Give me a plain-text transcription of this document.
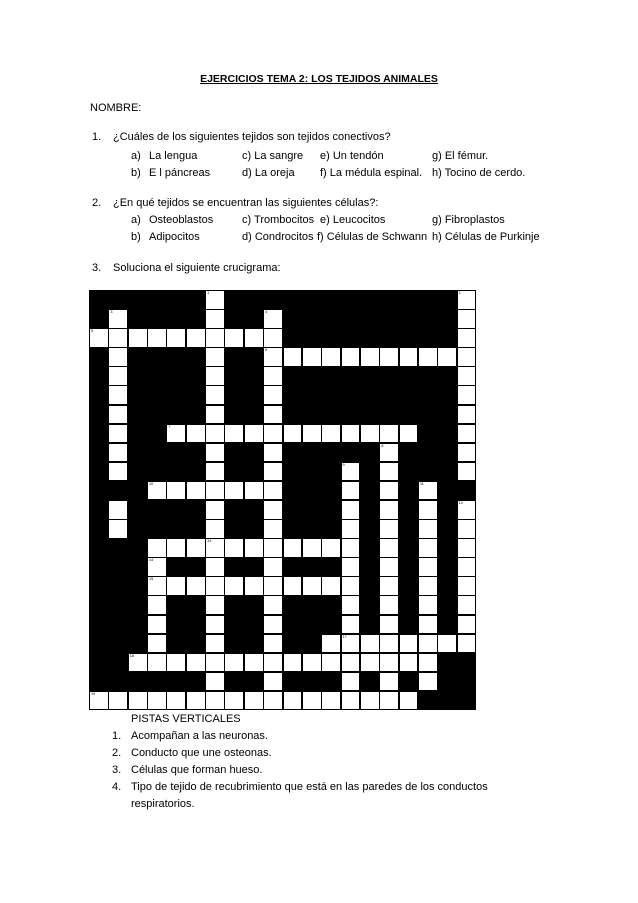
EJERCICIOS TEMA 2: LOS TEJIDOS ANIMALES
NOMBRE:
1. ¿Cuáles de los siguientes tejidos son tejidos conectivos?
a) La lengua	c) La sangre e) Un tendón	g) El fémur.
b) E l páncreas	d) La oreja f) La médula espinal. h) Tocino de cerdo.
2. ¿En qué tejidos se encuentran las siguientes células?:
a) Osteoblastos	c) Trombocitos e) Leucocitos	g) Fibroplastos
b) Adipocitos	d) Condrocitos f) Células de Schwann h) Células de Purkinje
3. Soluciona el siguiente crucigrama:
1	2
3	4
5
6
7
8
9
10	11
12
13
14
15
16
17
18
19
PISTAS VERTICALES
1. Acompañan a las neuronas.
2. Conducto que une osteonas.
3. Células que forman hueso.
4. Tipo de tejido de recubrimiento que está en las paredes de los conductos
respiratorios.
